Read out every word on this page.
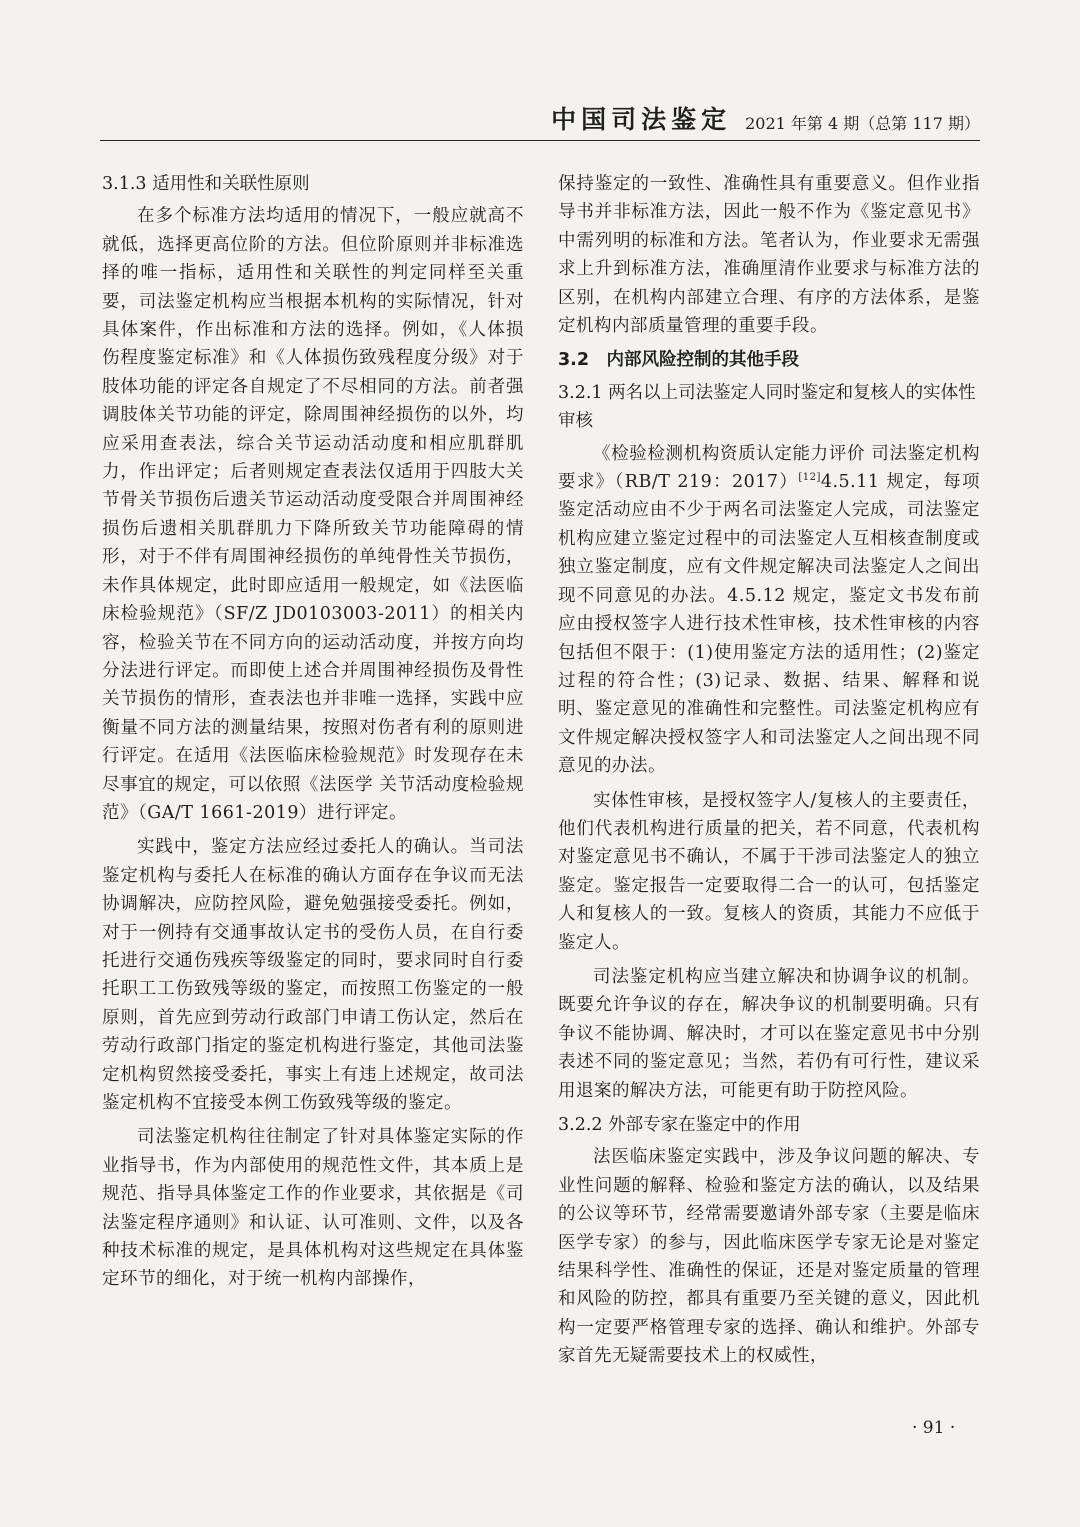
中国司法鉴定 2021 年第 4 期（总第 117 期）
3.1.3 适用性和关联性原则

在多个标准方法均适用的情况下，一般应就高不就低，选择更高位阶的方法。但位阶原则并非标准选择的唯一指标，适用性和关联性的判定同样至关重要，司法鉴定机构应当根据本机构的实际情况，针对具体案件，作出标准和方法的选择。例如，《人体损伤程度鉴定标准》和《人体损伤致残程度分级》对于肢体功能的评定各自规定了不尽相同的方法。前者强调肢体关节功能的评定，除周围神经损伤的以外，均应采用查表法，综合关节运动活动度和相应肌群肌力，作出评定；后者则规定查表法仅适用于四肢大关节骨关节损伤后遗关节运动活动度受限合并周围神经损伤后遗相关肌群肌力下降所致关节功能障碍的情形，对于不伴有周围神经损伤的单纯骨性关节损伤，未作具体规定，此时即应适用一般规定，如《法医临床检验规范》（SF/Z JD0103003-2011）的相关内容，检验关节在不同方向的运动活动度，并按方向均分法进行评定。而即使上述合并周围神经损伤及骨性关节损伤的情形，查表法也并非唯一选择，实践中应衡量不同方法的测量结果，按照对伤者有利的原则进行评定。在适用《法医临床检验规范》时发现存在未尽事宜的规定，可以依照《法医学 关节活动度检验规范》（GA/T 1661-2019）进行评定。

实践中，鉴定方法应经过委托人的确认。当司法鉴定机构与委托人在标准的确认方面存在争议而无法协调解决，应防控风险，避免勉强接受委托。例如，对于一例持有交通事故认定书的受伤人员，在自行委托进行交通伤残疾等级鉴定的同时，要求同时自行委托职工工伤致残等级的鉴定，而按照工伤鉴定的一般原则，首先应到劳动行政部门申请工伤认定，然后在劳动行政部门指定的鉴定机构进行鉴定，其他司法鉴定机构贸然接受委托，事实上有违上述规定，故司法鉴定机构不宜接受本例工伤致残等级的鉴定。

司法鉴定机构往往制定了针对具体鉴定实际的作业指导书，作为内部使用的规范性文件，其本质上是规范、指导具体鉴定工作的作业要求，其依据是《司法鉴定程序通则》和认证、认可准则、文件，以及各种技术标准的规定，是具体机构对这些规定在具体鉴定环节的细化，对于统一机构内部操作，

保持鉴定的一致性、准确性具有重要意义。但作业指导书并非标准方法，因此一般不作为《鉴定意见书》中需列明的标准和方法。笔者认为，作业要求无需强求上升到标准方法，准确厘清作业要求与标准方法的区别，在机构内部建立合理、有序的方法体系，是鉴定机构内部质量管理的重要手段。

3.2　内部风险控制的其他手段
3.2.1 两名以上司法鉴定人同时鉴定和复核人的实体性审核

《检验检测机构资质认定能力评价 司法鉴定机构要求》（RB/T 219：2017）[12]4.5.11 规定，每项鉴定活动应由不少于两名司法鉴定人完成，司法鉴定机构应建立鉴定过程中的司法鉴定人互相核查制度或独立鉴定制度，应有文件规定解决司法鉴定人之间出现不同意见的办法。4.5.12 规定，鉴定文书发布前应由授权签字人进行技术性审核，技术性审核的内容包括但不限于：(1)使用鉴定方法的适用性；(2)鉴定过程的符合性；(3)记录、数据、结果、解释和说明、鉴定意见的准确性和完整性。司法鉴定机构应有文件规定解决授权签字人和司法鉴定人之间出现不同意见的办法。

实体性审核，是授权签字人/复核人的主要责任，他们代表机构进行质量的把关，若不同意，代表机构对鉴定意见书不确认，不属于干涉司法鉴定人的独立鉴定。鉴定报告一定要取得二合一的认可，包括鉴定人和复核人的一致。复核人的资质，其能力不应低于鉴定人。

司法鉴定机构应当建立解决和协调争议的机制。既要允许争议的存在，解决争议的机制要明确。只有争议不能协调、解决时，才可以在鉴定意见书中分别表述不同的鉴定意见；当然，若仍有可行性，建议采用退案的解决方法，可能更有助于防控风险。

3.2.2 外部专家在鉴定中的作用

法医临床鉴定实践中，涉及争议问题的解决、专业性问题的解释、检验和鉴定方法的确认，以及结果的公议等环节，经常需要邀请外部专家（主要是临床医学专家）的参与，因此临床医学专家无论是对鉴定结果科学性、准确性的保证，还是对鉴定质量的管理和风险的防控，都具有重要乃至关键的意义，因此机构一定要严格管理专家的选择、确认和维护。外部专家首先无疑需要技术上的权威性，

· 91 ·
